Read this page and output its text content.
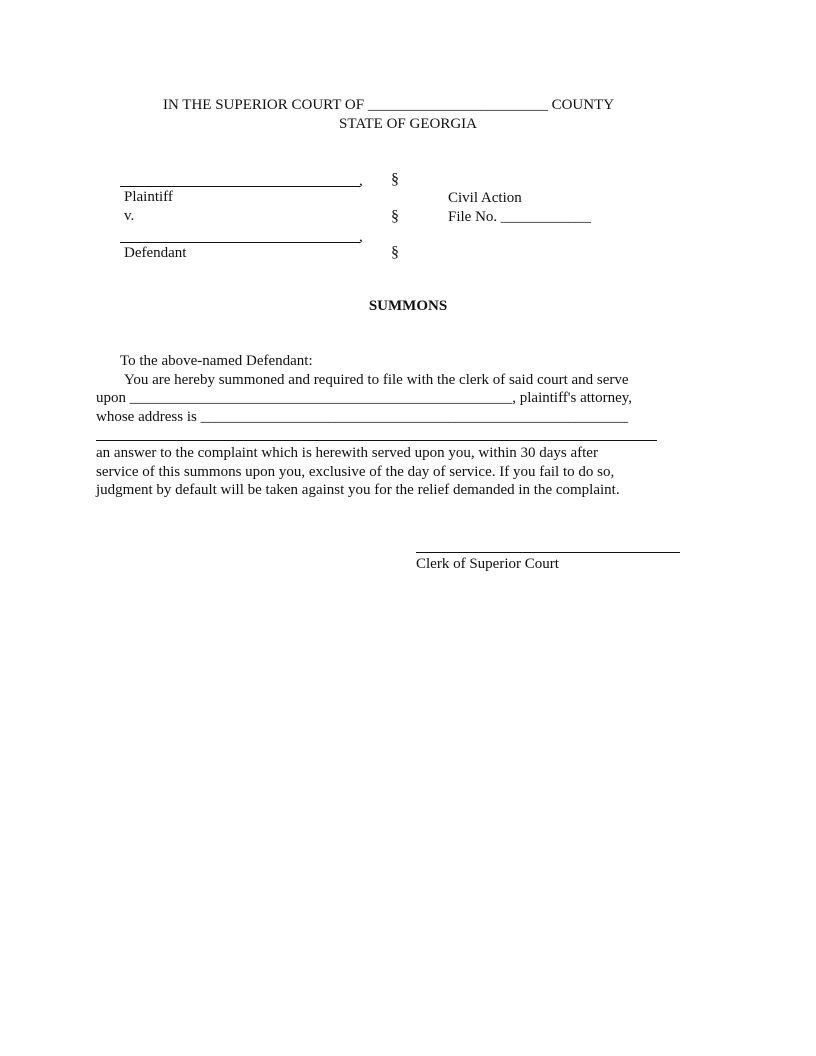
IN THE SUPERIOR COURT OF ________________________ COUNTY
STATE OF GEORGIA
,
Plaintiff
v.
,
Defendant
§
§
§
Civil Action
File No. ____________
SUMMONS
To the above-named Defendant:
You are hereby summoned and required to file with the clerk of said court and serve
upon ___________________________________________________, plaintiff's attorney,
whose address is _________________________________________________________
an answer to the complaint which is herewith served upon you, within 30 days after
service of this summons upon you, exclusive of the day of service. If you fail to do so,
judgment by default will be taken against you for the relief demanded in the complaint.
Clerk of Superior Court
